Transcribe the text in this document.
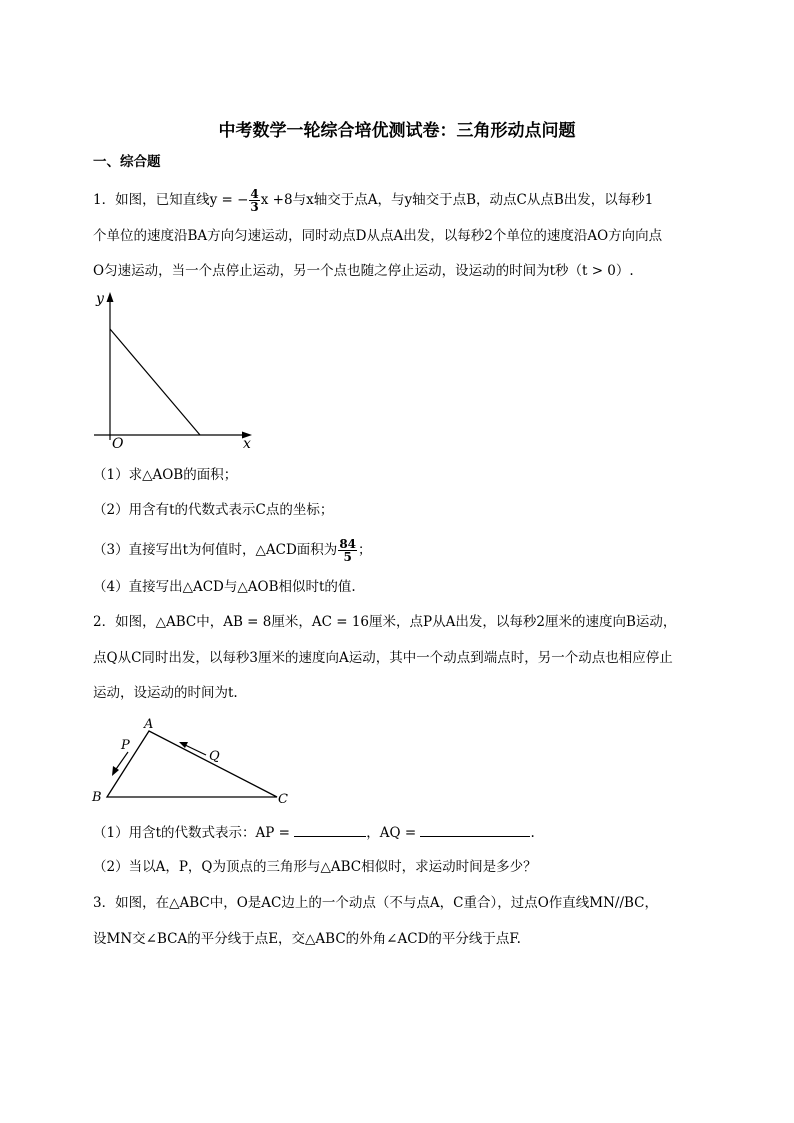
中考数学一轮综合培优测试卷：三角形动点问题
一、综合题
1．如图，已知直线y = − $\frac{4}{3}$ x +8与x轴交于点A，与y轴交于点B，动点C从点B出发，以每秒1
个单位的速度沿BA方向匀速运动，同时动点D从点A出发，以每秒2个单位的速度沿AO方向向点
O匀速运动，当一个点停止运动，另一个点也随之停止运动，设运动的时间为t秒（t > 0）.
y
x
O
（1）求△AOB的面积；
（2）用含有t的代数式表示C点的坐标；
（3）直接写出t为何值时，△ACD面积为 $\frac{84}{5}$ ；
（4）直接写出△ACD与△AOB相似时t的值.
2．如图，△ABC中，AB = 8厘米，AC = 16厘米，点P从A出发，以每秒2厘米的速度向B运动，
点Q从C同时出发，以每秒3厘米的速度向A运动，其中一个动点到端点时，另一个动点也相应停止
运动，设运动的时间为t.
A
B	C
P
Q
（1）用含t的代数式表示：AP =	，AQ =	.
（2）当以A，P，Q为顶点的三角形与△ABC相似时，求运动时间是多少？
3．如图，在△ABC中，O是AC边上的一个动点（不与点A，C重合），过点O作直线MN//BC，
设MN交∠BCA的平分线于点E，交△ABC的外角∠ACD的平分线于点F.
